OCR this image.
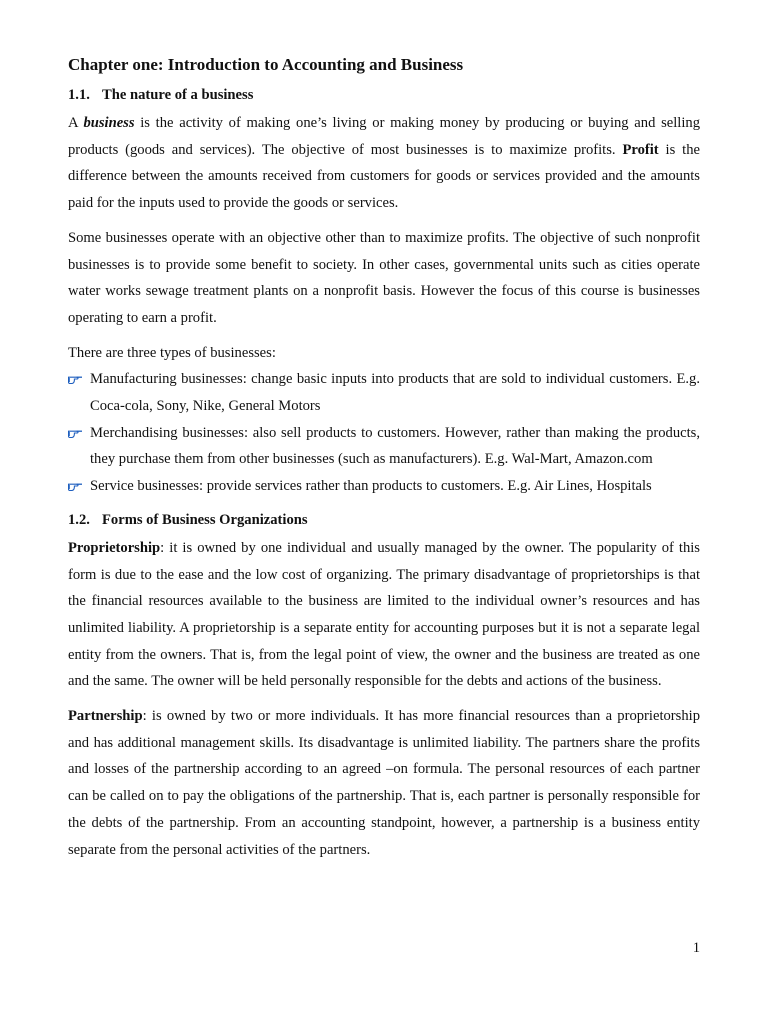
Chapter one: Introduction to Accounting and Business
1.1. The nature of a business

A business is the activity of making one’s living or making money by producing or buying and selling products (goods and services). The objective of most businesses is to maximize profits. Profit is the difference between the amounts received from customers for goods or services provided and the amounts paid for the inputs used to provide the goods or services.

Some businesses operate with an objective other than to maximize profits. The objective of such nonprofit businesses is to provide some benefit to society. In other cases, governmental units such as cities operate water works sewage treatment plants on a nonprofit basis. However the focus of this course is businesses operating to earn a profit.

There are three types of businesses:

Manufacturing businesses: change basic inputs into products that are sold to individual customers. E.g. Coca-cola, Sony, Nike, General Motors
Merchandising businesses: also sell products to customers. However, rather than making the products, they purchase them from other businesses (such as manufacturers). E.g. Wal-Mart, Amazon.com
Service businesses: provide services rather than products to customers. E.g. Air Lines, Hospitals
1.2. Forms of Business Organizations

Proprietorship: it is owned by one individual and usually managed by the owner. The popularity of this form is due to the ease and the low cost of organizing. The primary disadvantage of proprietorships is that the financial resources available to the business are limited to the individual owner’s resources and has unlimited liability. A proprietorship is a separate entity for accounting purposes but it is not a separate legal entity from the owners. That is, from the legal point of view, the owner and the business are treated as one and the same. The owner will be held personally responsible for the debts and actions of the business.

Partnership: is owned by two or more individuals. It has more financial resources than a proprietorship and has additional management skills. Its disadvantage is unlimited liability. The partners share the profits and losses of the partnership according to an agreed –on formula. The personal resources of each partner can be called on to pay the obligations of the partnership. That is, each partner is personally responsible for the debts of the partnership. From an accounting standpoint, however, a partnership is a business entity separate from the personal activities of the partners.

1
